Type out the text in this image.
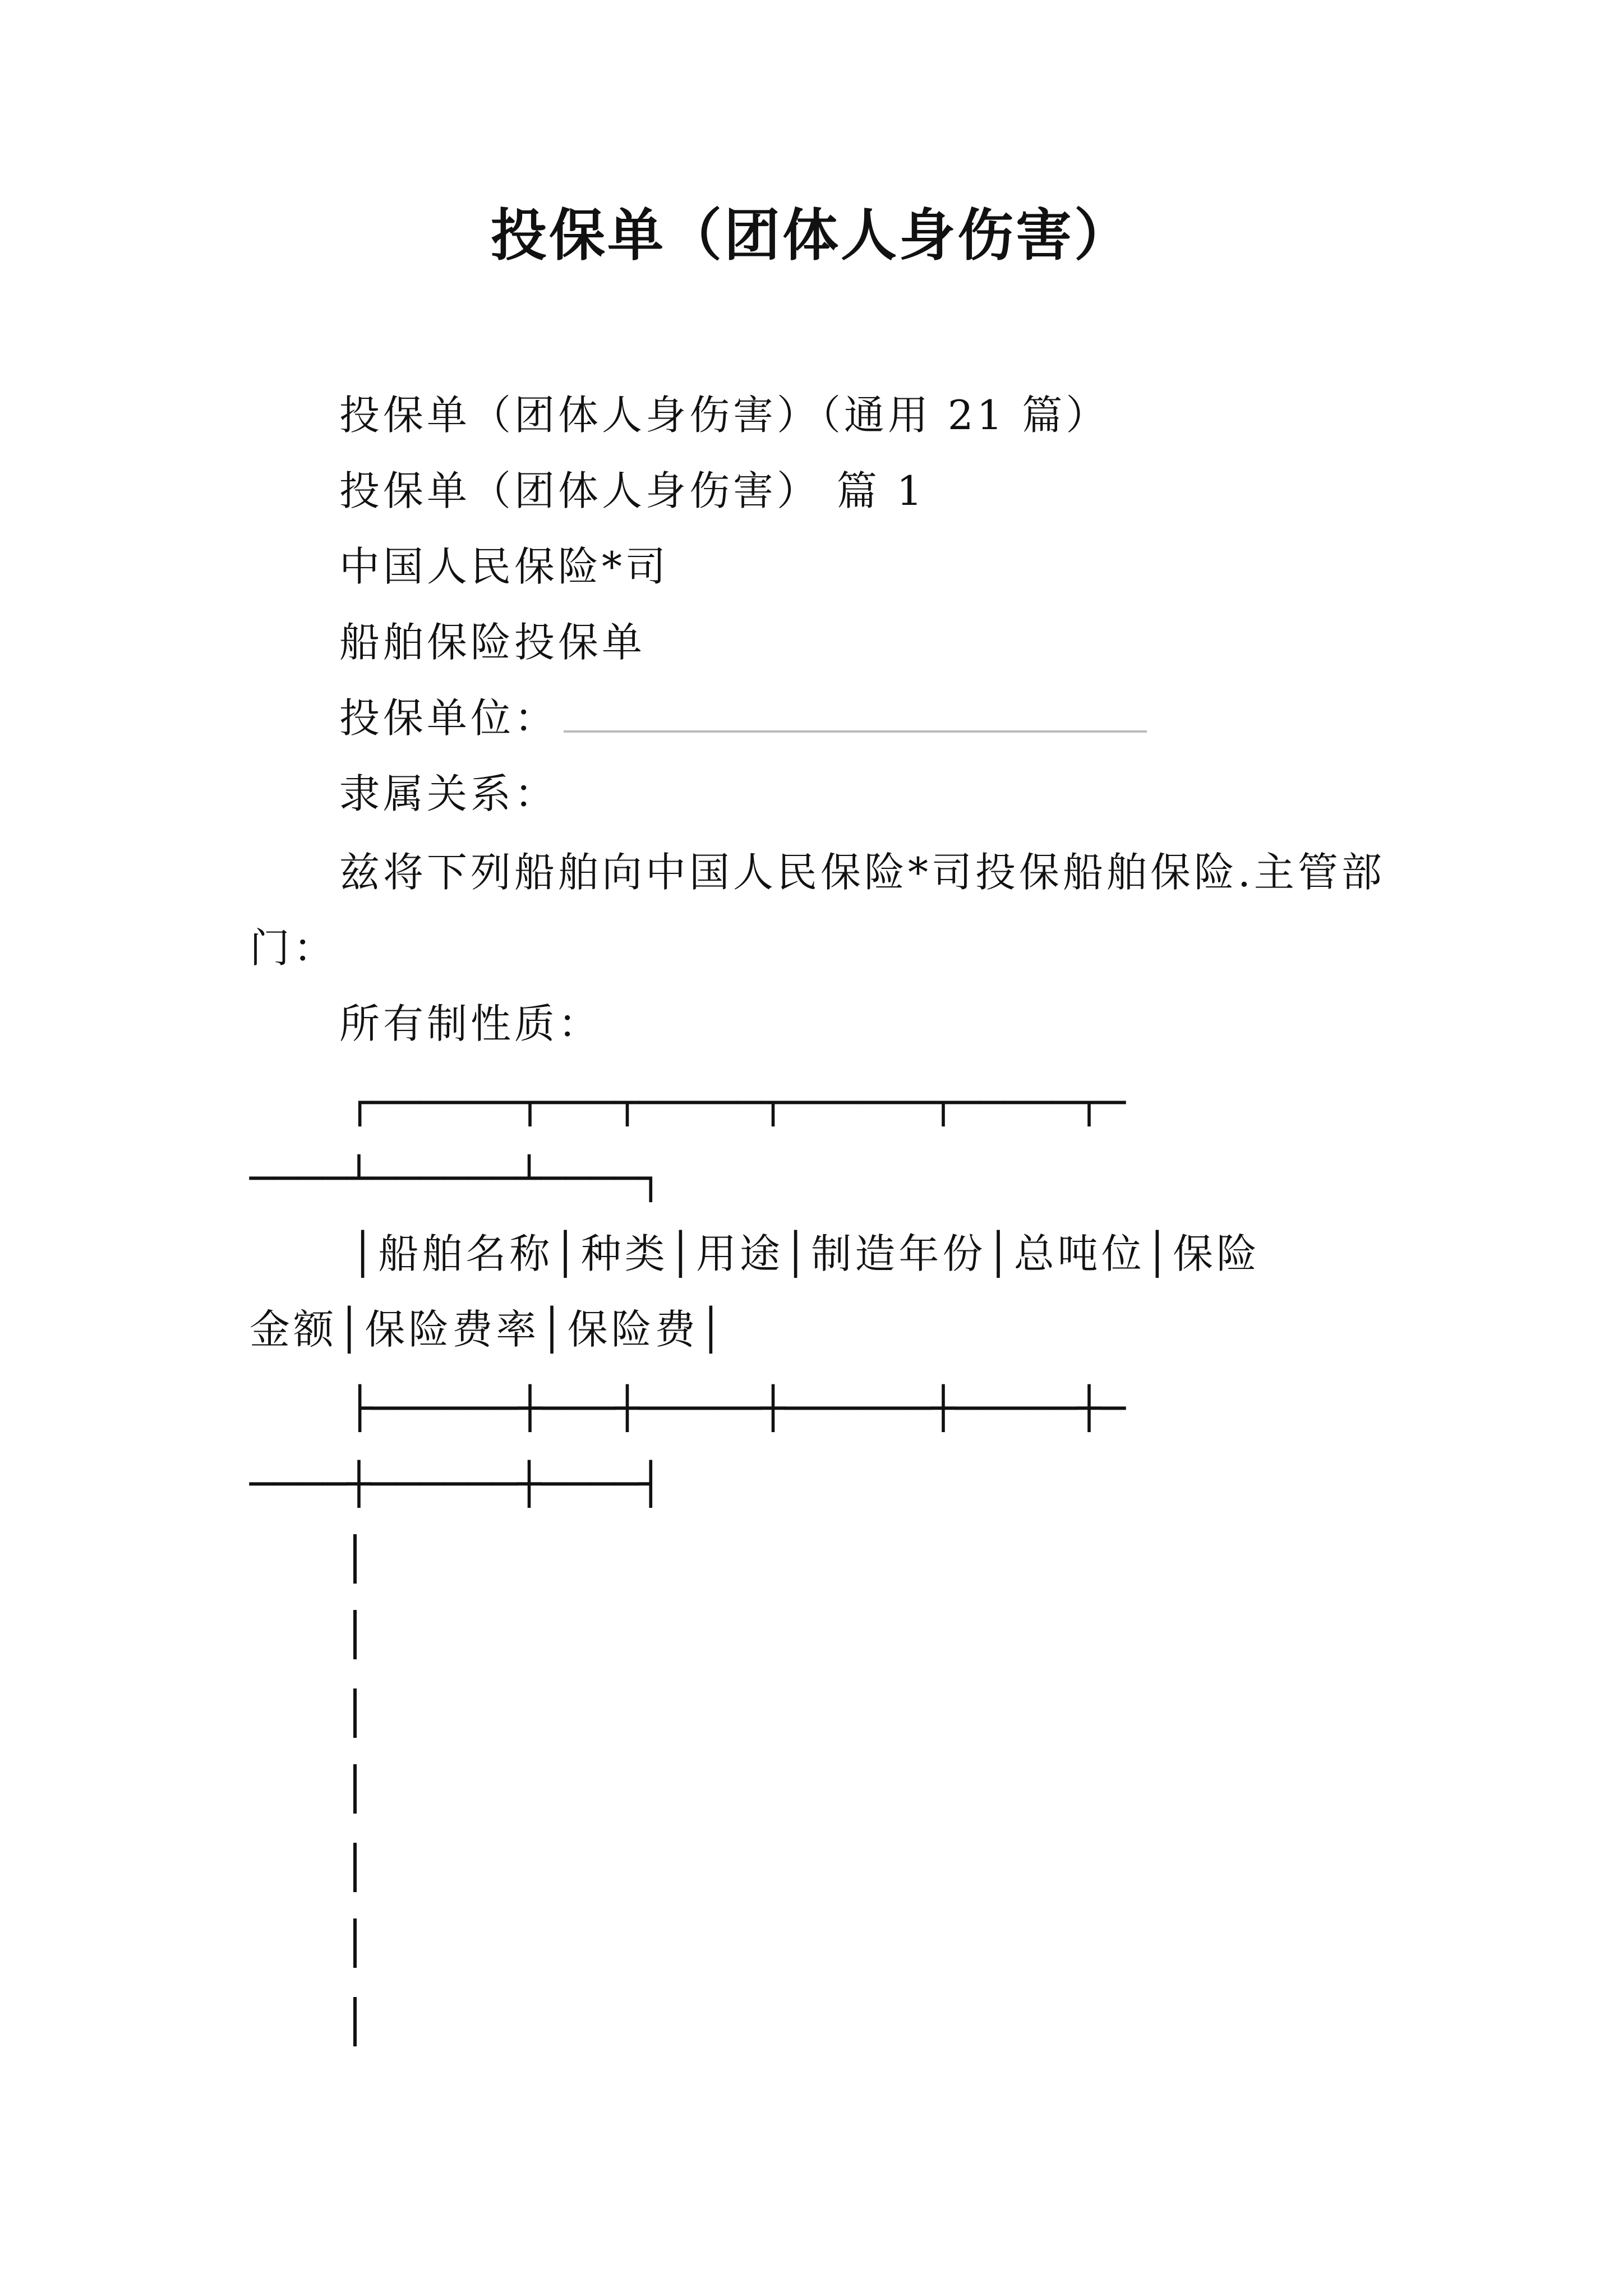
投保单（团体人身伤害）
投保单（团体人身伤害）（通用 21 篇）
投保单（团体人身伤害） 篇 1
中国人民保险*司
船舶保险投保单
投保单位：
隶属关系：
兹将下列船舶向中国人民保险*司投保船舶保险.主管部
门：
所有制性质：
┌──────┬───┬─────┬──────┬─────┬─
────┴──────┴────┐
│船舶名称│种类│用途│制造年份│总吨位│保险
金额│保险费率│保险费│
├──────┼───┼─────┼──────┼─────┼─
────┼──────┼────┤
